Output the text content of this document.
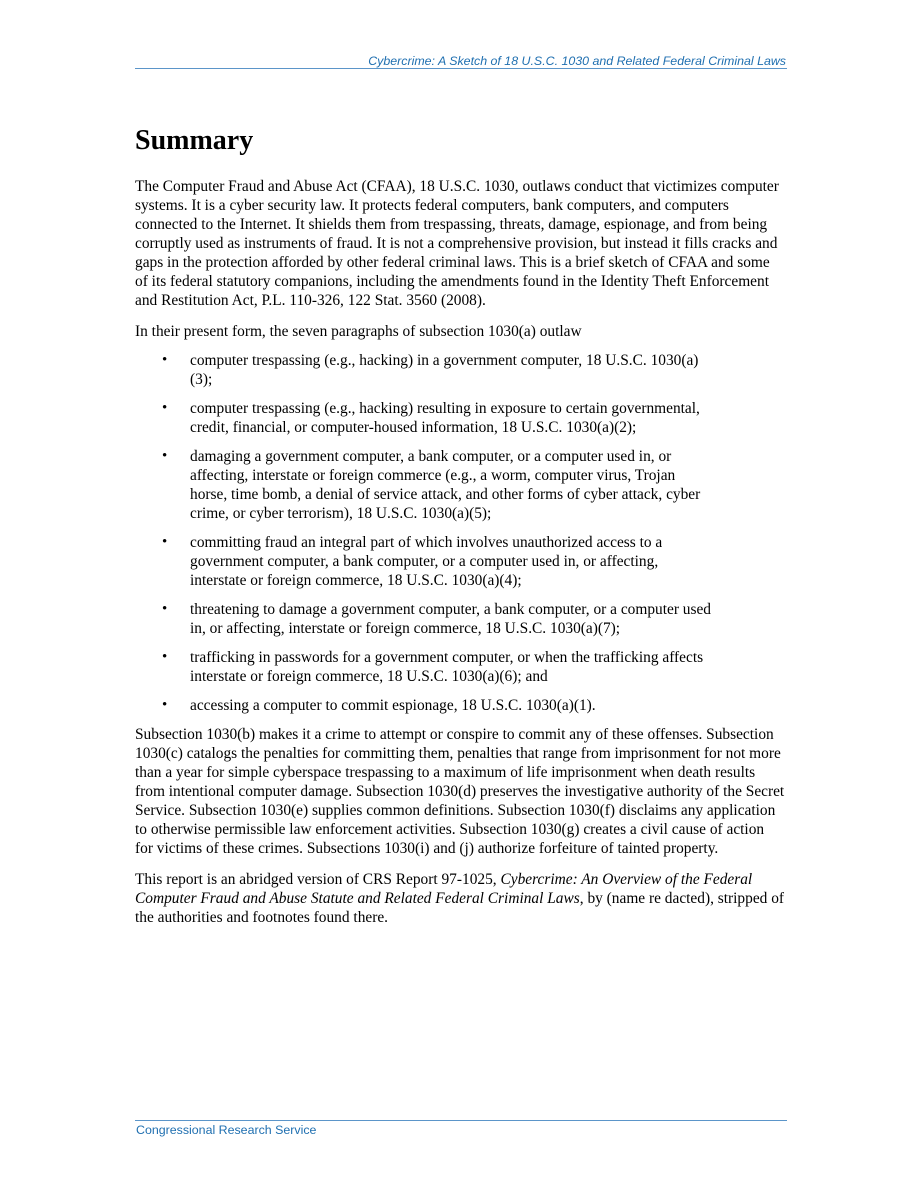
Cybercrime: A Sketch of 18 U.S.C. 1030 and Related Federal Criminal Laws
Summary

The Computer Fraud and Abuse Act (CFAA), 18 U.S.C. 1030, outlaws conduct that victimizes computer systems. It is a cyber security law. It protects federal computers, bank computers, and computers connected to the Internet. It shields them from trespassing, threats, damage, espionage, and from being corruptly used as instruments of fraud. It is not a comprehensive provision, but instead it fills cracks and gaps in the protection afforded by other federal criminal laws. This is a brief sketch of CFAA and some of its federal statutory companions, including the amendments found in the Identity Theft Enforcement and Restitution Act, P.L. 110-326, 122 Stat. 3560 (2008).

In their present form, the seven paragraphs of subsection 1030(a) outlaw

• computer trespassing (e.g., hacking) in a government computer, 18 U.S.C. 1030(a)(3);
• computer trespassing (e.g., hacking) resulting in exposure to certain governmental, credit, financial, or computer-housed information, 18 U.S.C. 1030(a)(2);
• damaging a government computer, a bank computer, or a computer used in, or affecting, interstate or foreign commerce (e.g., a worm, computer virus, Trojan horse, time bomb, a denial of service attack, and other forms of cyber attack, cyber crime, or cyber terrorism), 18 U.S.C. 1030(a)(5);
• committing fraud an integral part of which involves unauthorized access to a government computer, a bank computer, or a computer used in, or affecting, interstate or foreign commerce, 18 U.S.C. 1030(a)(4);
• threatening to damage a government computer, a bank computer, or a computer used in, or affecting, interstate or foreign commerce, 18 U.S.C. 1030(a)(7);
• trafficking in passwords for a government computer, or when the trafficking affects interstate or foreign commerce, 18 U.S.C. 1030(a)(6); and
• accessing a computer to commit espionage, 18 U.S.C. 1030(a)(1).

Subsection 1030(b) makes it a crime to attempt or conspire to commit any of these offenses. Subsection 1030(c) catalogs the penalties for committing them, penalties that range from imprisonment for not more than a year for simple cyberspace trespassing to a maximum of life imprisonment when death results from intentional computer damage. Subsection 1030(d) preserves the investigative authority of the Secret Service. Subsection 1030(e) supplies common definitions. Subsection 1030(f) disclaims any application to otherwise permissible law enforcement activities. Subsection 1030(g) creates a civil cause of action for victims of these crimes. Subsections 1030(i) and (j) authorize forfeiture of tainted property.

This report is an abridged version of CRS Report 97-1025, Cybercrime: An Overview of the Federal Computer Fraud and Abuse Statute and Related Federal Criminal Laws, by (name re dacted), stripped of the authorities and footnotes found there.

Congressional Research Service
